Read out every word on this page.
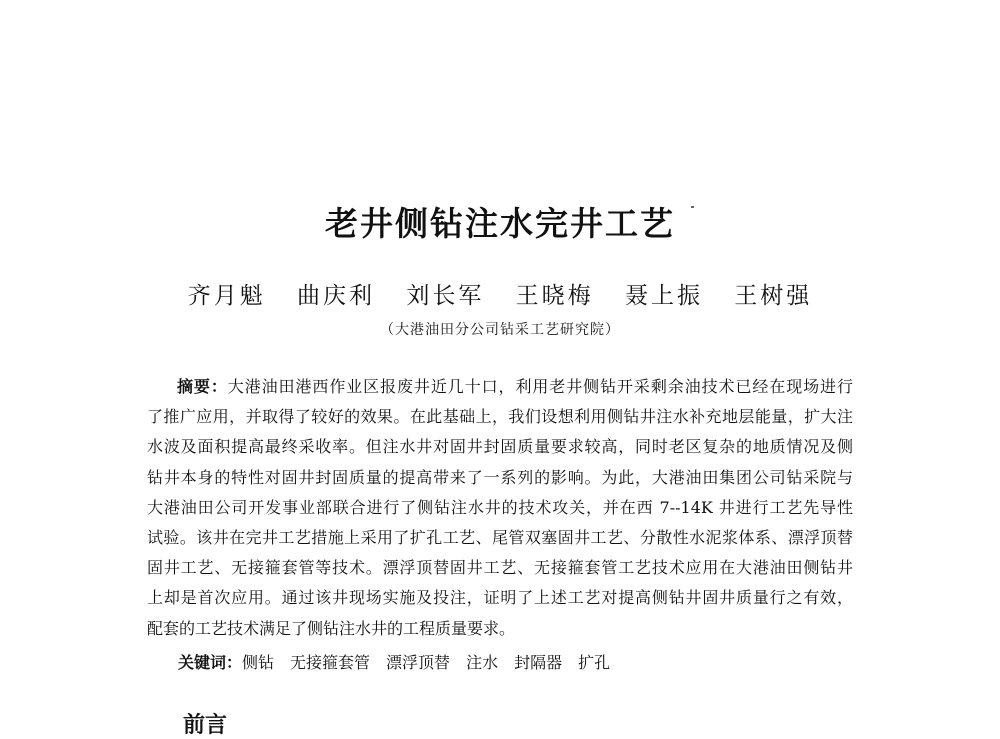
老井侧钻注水完井工艺
齐月魁 曲庆利 刘长军 王晓梅 聂上振 王树强
（大港油田分公司钻采工艺研究院）
摘要：大港油田港西作业区报废井近几十口，利用老井侧钻开采剩余油技术已经在现场进行
了推广应用，并取得了较好的效果。在此基础上，我们设想利用侧钻井注水补充地层能量，扩大注
水波及面积提高最终采收率。但注水井对固井封固质量要求较高，同时老区复杂的地质情况及侧
钻井本身的特性对固井封固质量的提高带来了一系列的影响。为此，大港油田集团公司钻采院与
大港油田公司开发事业部联合进行了侧钻注水井的技术攻关，并在西 7--14K 井进行工艺先导性
试验。该井在完井工艺措施上采用了扩孔工艺、尾管双塞固井工艺、分散性水泥浆体系、漂浮顶替
固井工艺、无接箍套管等技术。漂浮顶替固井工艺、无接箍套管工艺技术应用在大港油田侧钻井
上却是首次应用。通过该井现场实施及投注，证明了上述工艺对提高侧钻井固井质量行之有效，
配套的工艺技术满足了侧钻注水井的工程质量要求。
关键词：侧钻 无接箍套管 漂浮顶替 注水 封隔器 扩孔
前言
